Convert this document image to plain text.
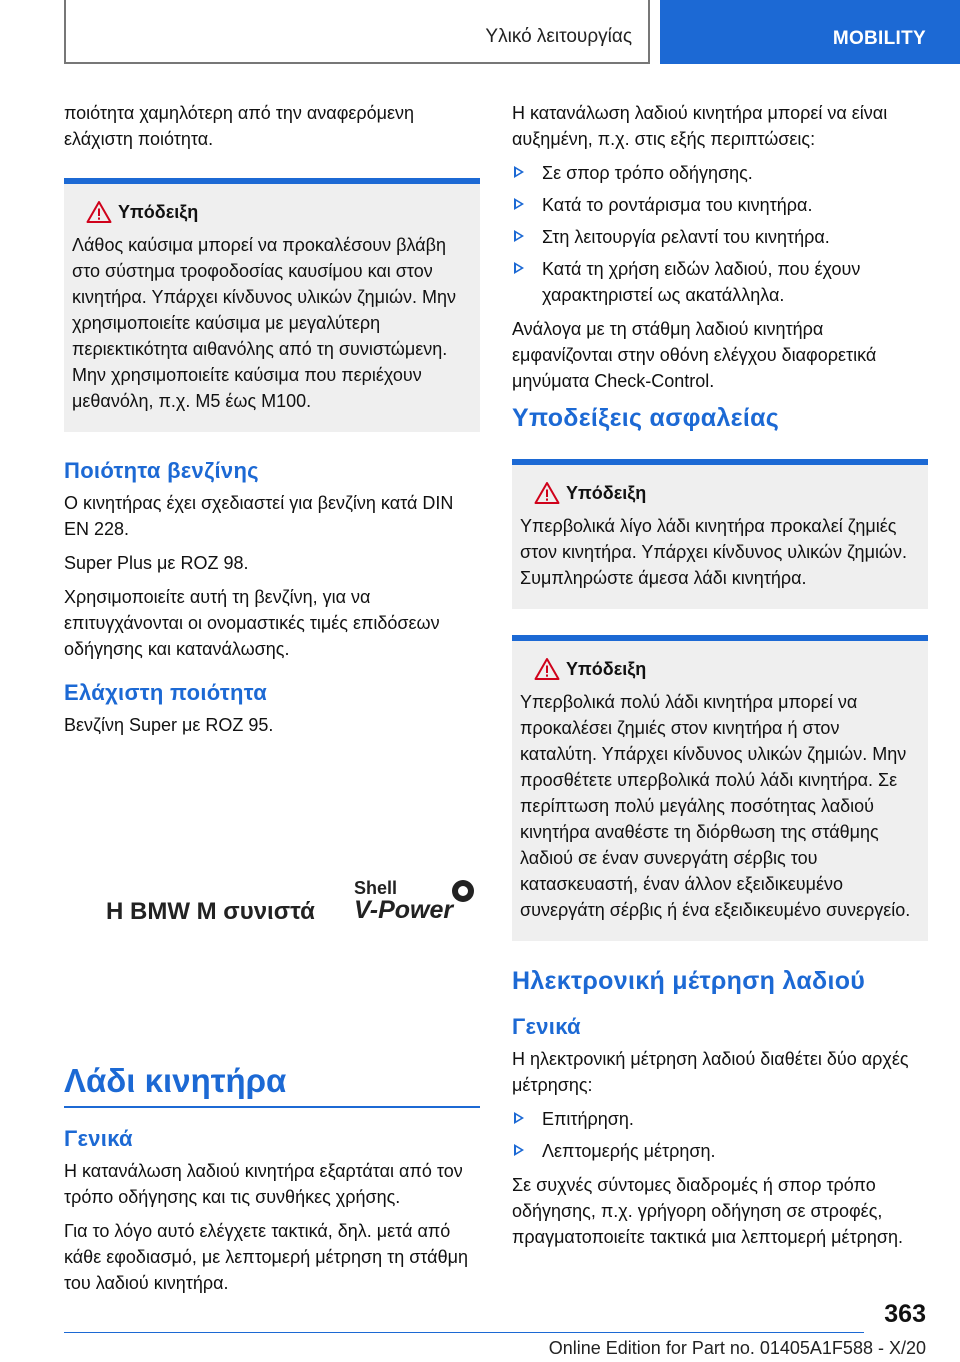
Υλικό λειτουργίας	MOBILITY

ποιότητα χαμηλότερη από την αναφερόμενη ελάχιστη ποιότητα.

Υπόδειξη

Λάθος καύσιμα μπορεί να προκαλέσουν βλάβη στο σύστημα τροφοδοσίας καυσίμου και στον κινητήρα. Υπάρχει κίνδυνος υλικών ζημιών. Μην χρησιμοποιείτε καύσιμα με μεγαλύτερη περιεκτικότητα αιθανόλης από τη συνιστώμενη. Μην χρησιμοποιείτε καύσιμα που περιέχουν μεθανόλη, π.χ. M5 έως M100.

Ποιότητα βενζίνης

Ο κινητήρας έχει σχεδιαστεί για βενζίνη κατά DIN EN 228.

Super Plus με ROZ 98.

Χρησιμοποιείτε αυτή τη βενζίνη, για να επιτυγχάνονται οι ονομαστικές τιμές επιδόσεων οδήγησης και κατανάλωσης.

Ελάχιστη ποιότητα

Βενζίνη Super με ROZ 95.

Η BMW M συνιστά
Shell
V-Power
Λάδι κινητήρα
Γενικά

Η κατανάλωση λαδιού κινητήρα εξαρτάται από τον τρόπο οδήγησης και τις συνθήκες χρήσης.

Για το λόγο αυτό ελέγχετε τακτικά, δηλ. μετά από κάθε εφοδιασμό, με λεπτομερή μέτρηση τη στάθμη του λαδιού κινητήρα.

Η κατανάλωση λαδιού κινητήρα μπορεί να είναι αυξημένη, π.χ. στις εξής περιπτώσεις:

Σε σπορ τρόπο οδήγησης.
Κατά το ροντάρισμα του κινητήρα.
Στη λειτουργία ρελαντί του κινητήρα.
Κατά τη χρήση ειδών λαδιού, που έχουν χαρακτηριστεί ως ακατάλληλα.

Ανάλογα με τη στάθμη λαδιού κινητήρα εμφανίζονται στην οθόνη ελέγχου διαφορετικά μηνύματα Check-Control.

Υποδείξεις ασφαλείας
Υπόδειξη

Υπερβολικά λίγο λάδι κινητήρα προκαλεί ζημιές στον κινητήρα. Υπάρχει κίνδυνος υλικών ζημιών. Συμπληρώστε άμεσα λάδι κινητήρα.

Υπόδειξη

Υπερβολικά πολύ λάδι κινητήρα μπορεί να προκαλέσει ζημιές στον κινητήρα ή στον καταλύτη. Υπάρχει κίνδυνος υλικών ζημιών. Μην προσθέτετε υπερβολικά πολύ λάδι κινητήρα. Σε περίπτωση πολύ μεγάλης ποσότητας λαδιού κινητήρα αναθέστε τη διόρθωση της στάθμης λαδιού σε έναν συνεργάτη σέρβις του κατασκευαστή, έναν άλλον εξειδικευμένο συνεργάτη σέρβις ή ένα εξειδικευμένο συνεργείο.

Ηλεκτρονική μέτρηση λαδιού
Γενικά

Η ηλεκτρονική μέτρηση λαδιού διαθέτει δύο αρχές μέτρησης:

Επιτήρηση.
Λεπτομερής μέτρηση.

Σε συχνές σύντομες διαδρομές ή σπορ τρόπο οδήγησης, π.χ. γρήγορη οδήγηση σε στροφές, πραγματοποιείτε τακτικά μια λεπτομερή μέτρηση.

363
Online Edition for Part no. 01405A1F588 - X/20
